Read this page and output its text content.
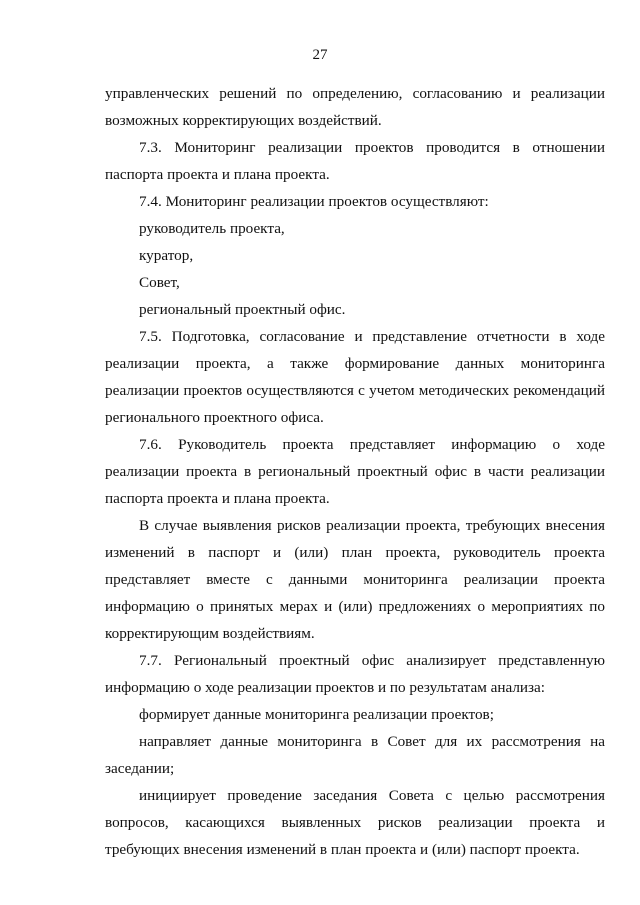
27

управленческих решений по определению, согласованию и реализации возможных корректирующих воздействий.

7.3. Мониторинг реализации проектов проводится в отношении паспорта проекта и плана проекта.

7.4. Мониторинг реализации проектов осуществляют:

руководитель проекта,

куратор,

Совет,

региональный проектный офис.

7.5. Подготовка, согласование и представление отчетности в ходе реализации проекта, а также формирование данных мониторинга реализации проектов осуществляются с учетом методических рекомендаций регионального проектного офиса.

7.6. Руководитель проекта представляет информацию о ходе реализации проекта в региональный проектный офис в части реализации паспорта проекта и плана проекта.

В случае выявления рисков реализации проекта, требующих внесения изменений в паспорт и (или) план проекта, руководитель проекта представляет вместе с данными мониторинга реализации проекта информацию о принятых мерах и (или) предложениях о мероприятиях по корректирующим воздействиям.

7.7. Региональный проектный офис анализирует представленную информацию о ходе реализации проектов и по результатам анализа:

формирует данные мониторинга реализации проектов;

направляет данные мониторинга в Совет для их рассмотрения на заседании;

инициирует проведение заседания Совета с целью рассмотрения вопросов, касающихся выявленных рисков реализации проекта и требующих внесения изменений в план проекта и (или) паспорт проекта.
